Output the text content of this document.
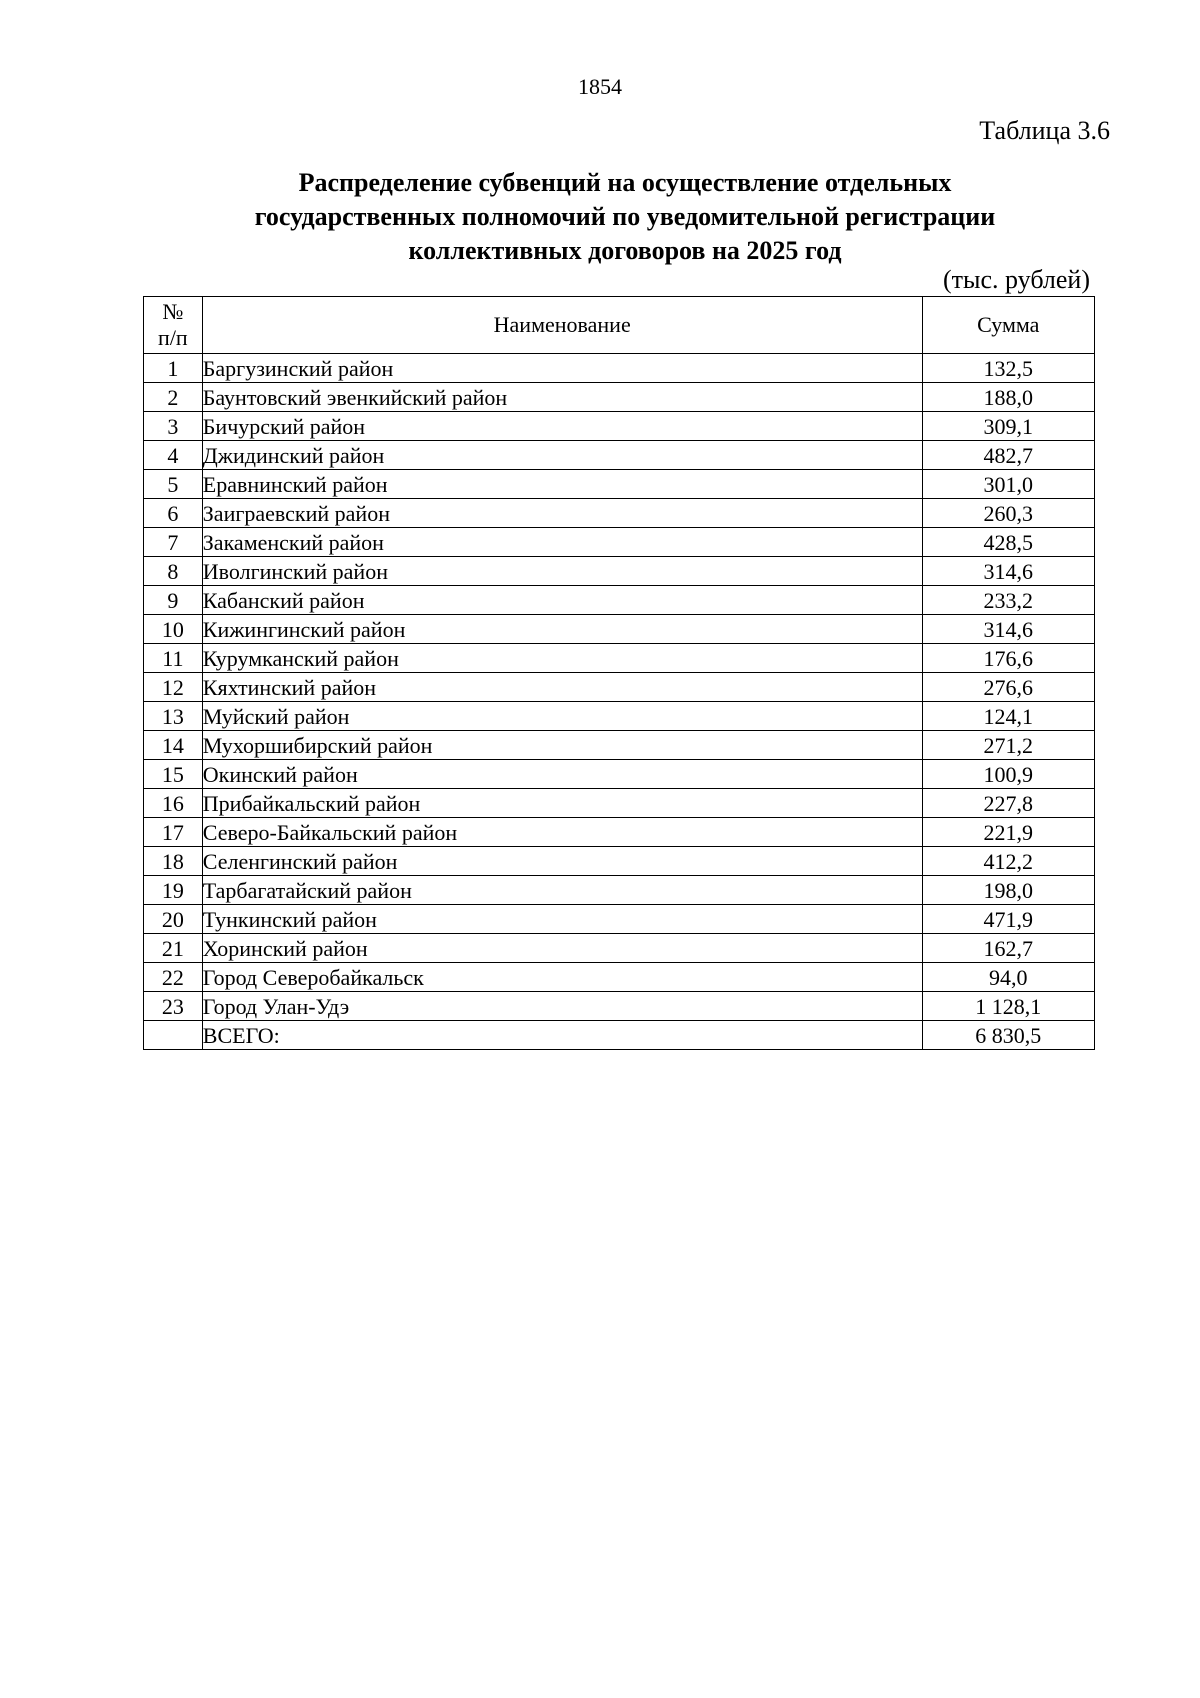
1854
Таблица 3.6
Распределение субвенций на осуществление отдельных
государственных полномочий по уведомительной регистрации
коллективных договоров на 2025 год
(тыс. рублей)
№
п/п	Наименование	Сумма
1	Баргузинский район	132,5
2	Баунтовский эвенкийский район	188,0
3	Бичурский район	309,1
4	Джидинский район	482,7
5	Еравнинский район	301,0
6	Заиграевский район	260,3
7	Закаменский район	428,5
8	Иволгинский район	314,6
9	Кабанский район	233,2
10	Кижингинский район	314,6
11	Курумканский район	176,6
12	Кяхтинский район	276,6
13	Муйский район	124,1
14	Мухоршибирский район	271,2
15	Окинский район	100,9
16	Прибайкальский район	227,8
17	Северо-Байкальский район	221,9
18	Селенгинский район	412,2
19	Тарбагатайский район	198,0
20	Тункинский район	471,9
21	Хоринский район	162,7
22	Город Северобайкальск	94,0
23	Город Улан-Удэ	1 128,1
	ВСЕГО:	6 830,5
